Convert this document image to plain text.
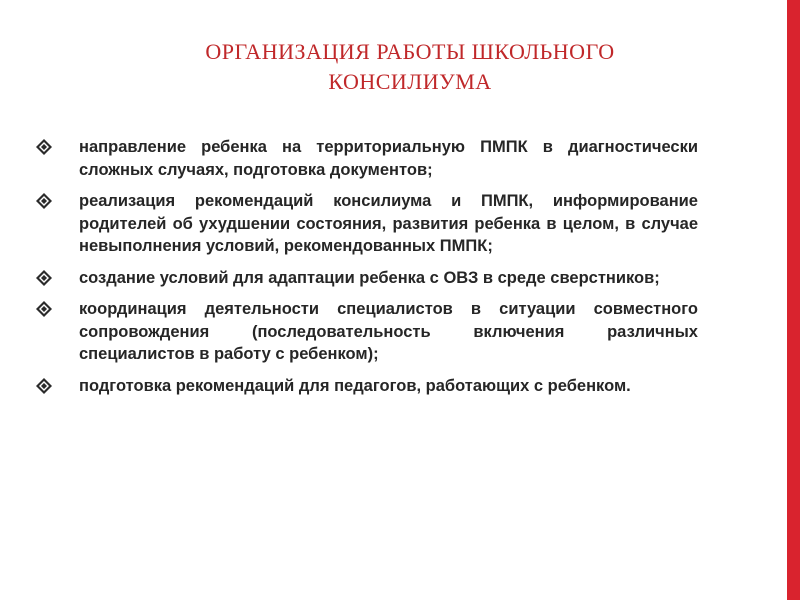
ОРГАНИЗАЦИЯ РАБОТЫ ШКОЛЬНОГО
КОНСИЛИУМА
направление ребенка на территориальную ПМПК в диагностически сложных случаях, подготовка документов;
реализация рекомендаций консилиума и ПМПК, информирование родителей об ухудшении состояния, развития ребенка в целом, в случае невыполнения условий, рекомендованных ПМПК;
создание условий для адаптации ребенка с ОВЗ в среде сверстников;
координация деятельности специалистов в ситуации совместного сопровождения (последовательность включения различных специалистов в работу с ребенком);
подготовка рекомендаций для педагогов, работающих с ребенком.
